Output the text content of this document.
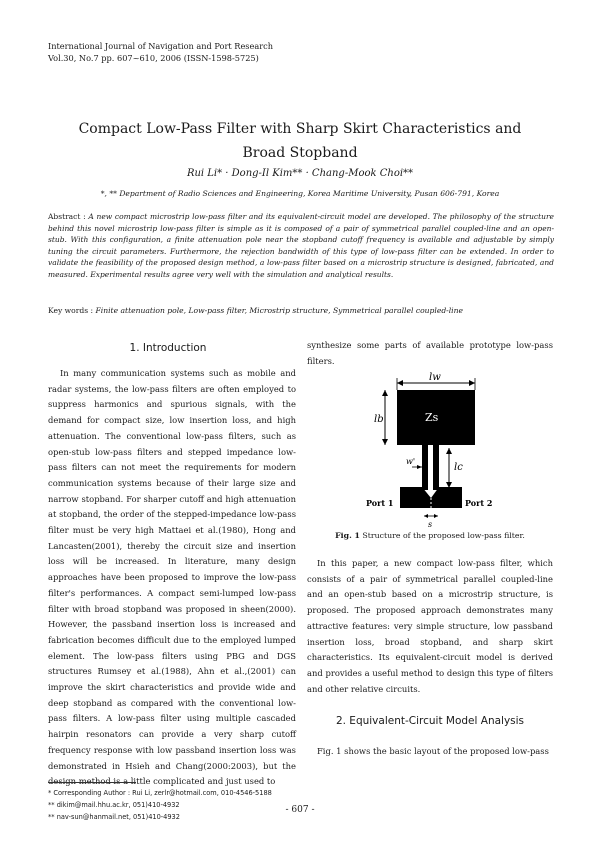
International Journal of Navigation and Port Research
Vol.30, No.7 pp. 607~610, 2006 (ISSN-1598-5725)
Compact Low-Pass Filter with Sharp Skirt Characteristics and
Broad Stopband
Rui Li* · Dong-Il Kim** · Chang-Mook Choi**
*, ** Department of Radio Sciences and Engineering, Korea Maritime University, Pusan 606-791, Korea
Abstract : A new compact microstrip low-pass filter and its equivalent-circuit model are developed. The philosophy of the structure behind this novel microstrip low-pass filter is simple as it is composed of a pair of symmetrical parallel coupled-line and an open-stub. With this configuration, a finite attenuation pole near the stopband cutoff frequency is available and adjustable by simply tuning the circuit parameters. Furthermore, the rejection bandwidth of this type of low-pass filter can be extended. In order to validate the feasibility of the proposed design method, a low-pass filter based on a microstrip structure is designed, fabricated, and measured. Experimental results agree very well with the simulation and analytical results.
Key words : Finite attenuation pole, Low-pass filter, Microstrip structure, Symmetrical parallel coupled-line
1. Introduction

In many communication systems such as mobile and radar systems, the low-pass filters are often employed to suppress harmonics and spurious signals, with the demand for compact size, low insertion loss, and high attenuation. The conventional low-pass filters, such as open-stub low-pass filters and stepped impedance low-pass filters can not meet the requirements for modern communication systems because of their large size and narrow stopband. For sharper cutoff and high attenuation at stopband, the order of the stepped-impedance low-pass filter must be very high Mattaei et al.(1980), Hong and Lancasten(2001), thereby the circuit size and insertion loss will be increased. In literature, many design approaches have been proposed to improve the low-pass filter's performances. A compact semi-lumped low-pass filter with broad stopband was proposed in sheen(2000). However, the passband insertion loss is increased and fabrication becomes difficult due to the employed lumped element. The low-pass filters using PBG and DGS structures Rumsey et al.(1988), Ahn et al.,(2001) can improve the skirt characteristics and provide wide and deep stopband as compared with the conventional low-pass filters. A low-pass filter using multiple cascaded hairpin resonators can provide a very sharp cutoff frequency response with low passband insertion loss was demonstrated in Hsieh and Chang(2000:2003), but the design method is a little complicated and just used to

synthesize some parts of available prototype low-pass filters.

lw
Zs
lb
w'
lc
Port 1	Port 2
s
Fig. 1 Structure of the proposed low-pass filter.

In this paper, a new compact low-pass filter, which consists of a pair of symmetrical parallel coupled-line and an open-stub based on a microstrip structure, is proposed. The proposed approach demonstrates many attractive features: very simple structure, low passband insertion loss, broad stopband, and sharp skirt characteristics. Its equivalent-circuit model is derived and provides a useful method to design this type of filters and other relative circuits.

2. Equivalent-Circuit Model Analysis

Fig. 1 shows the basic layout of the proposed low-pass

* Corresponding Author : Rui Li, zerlr@hotmail.com, 010-4546-5188
** dikim@mail.hhu.ac.kr, 051)410-4932
** nav-sun@hanmail.net, 051)410-4932
- 607 -
